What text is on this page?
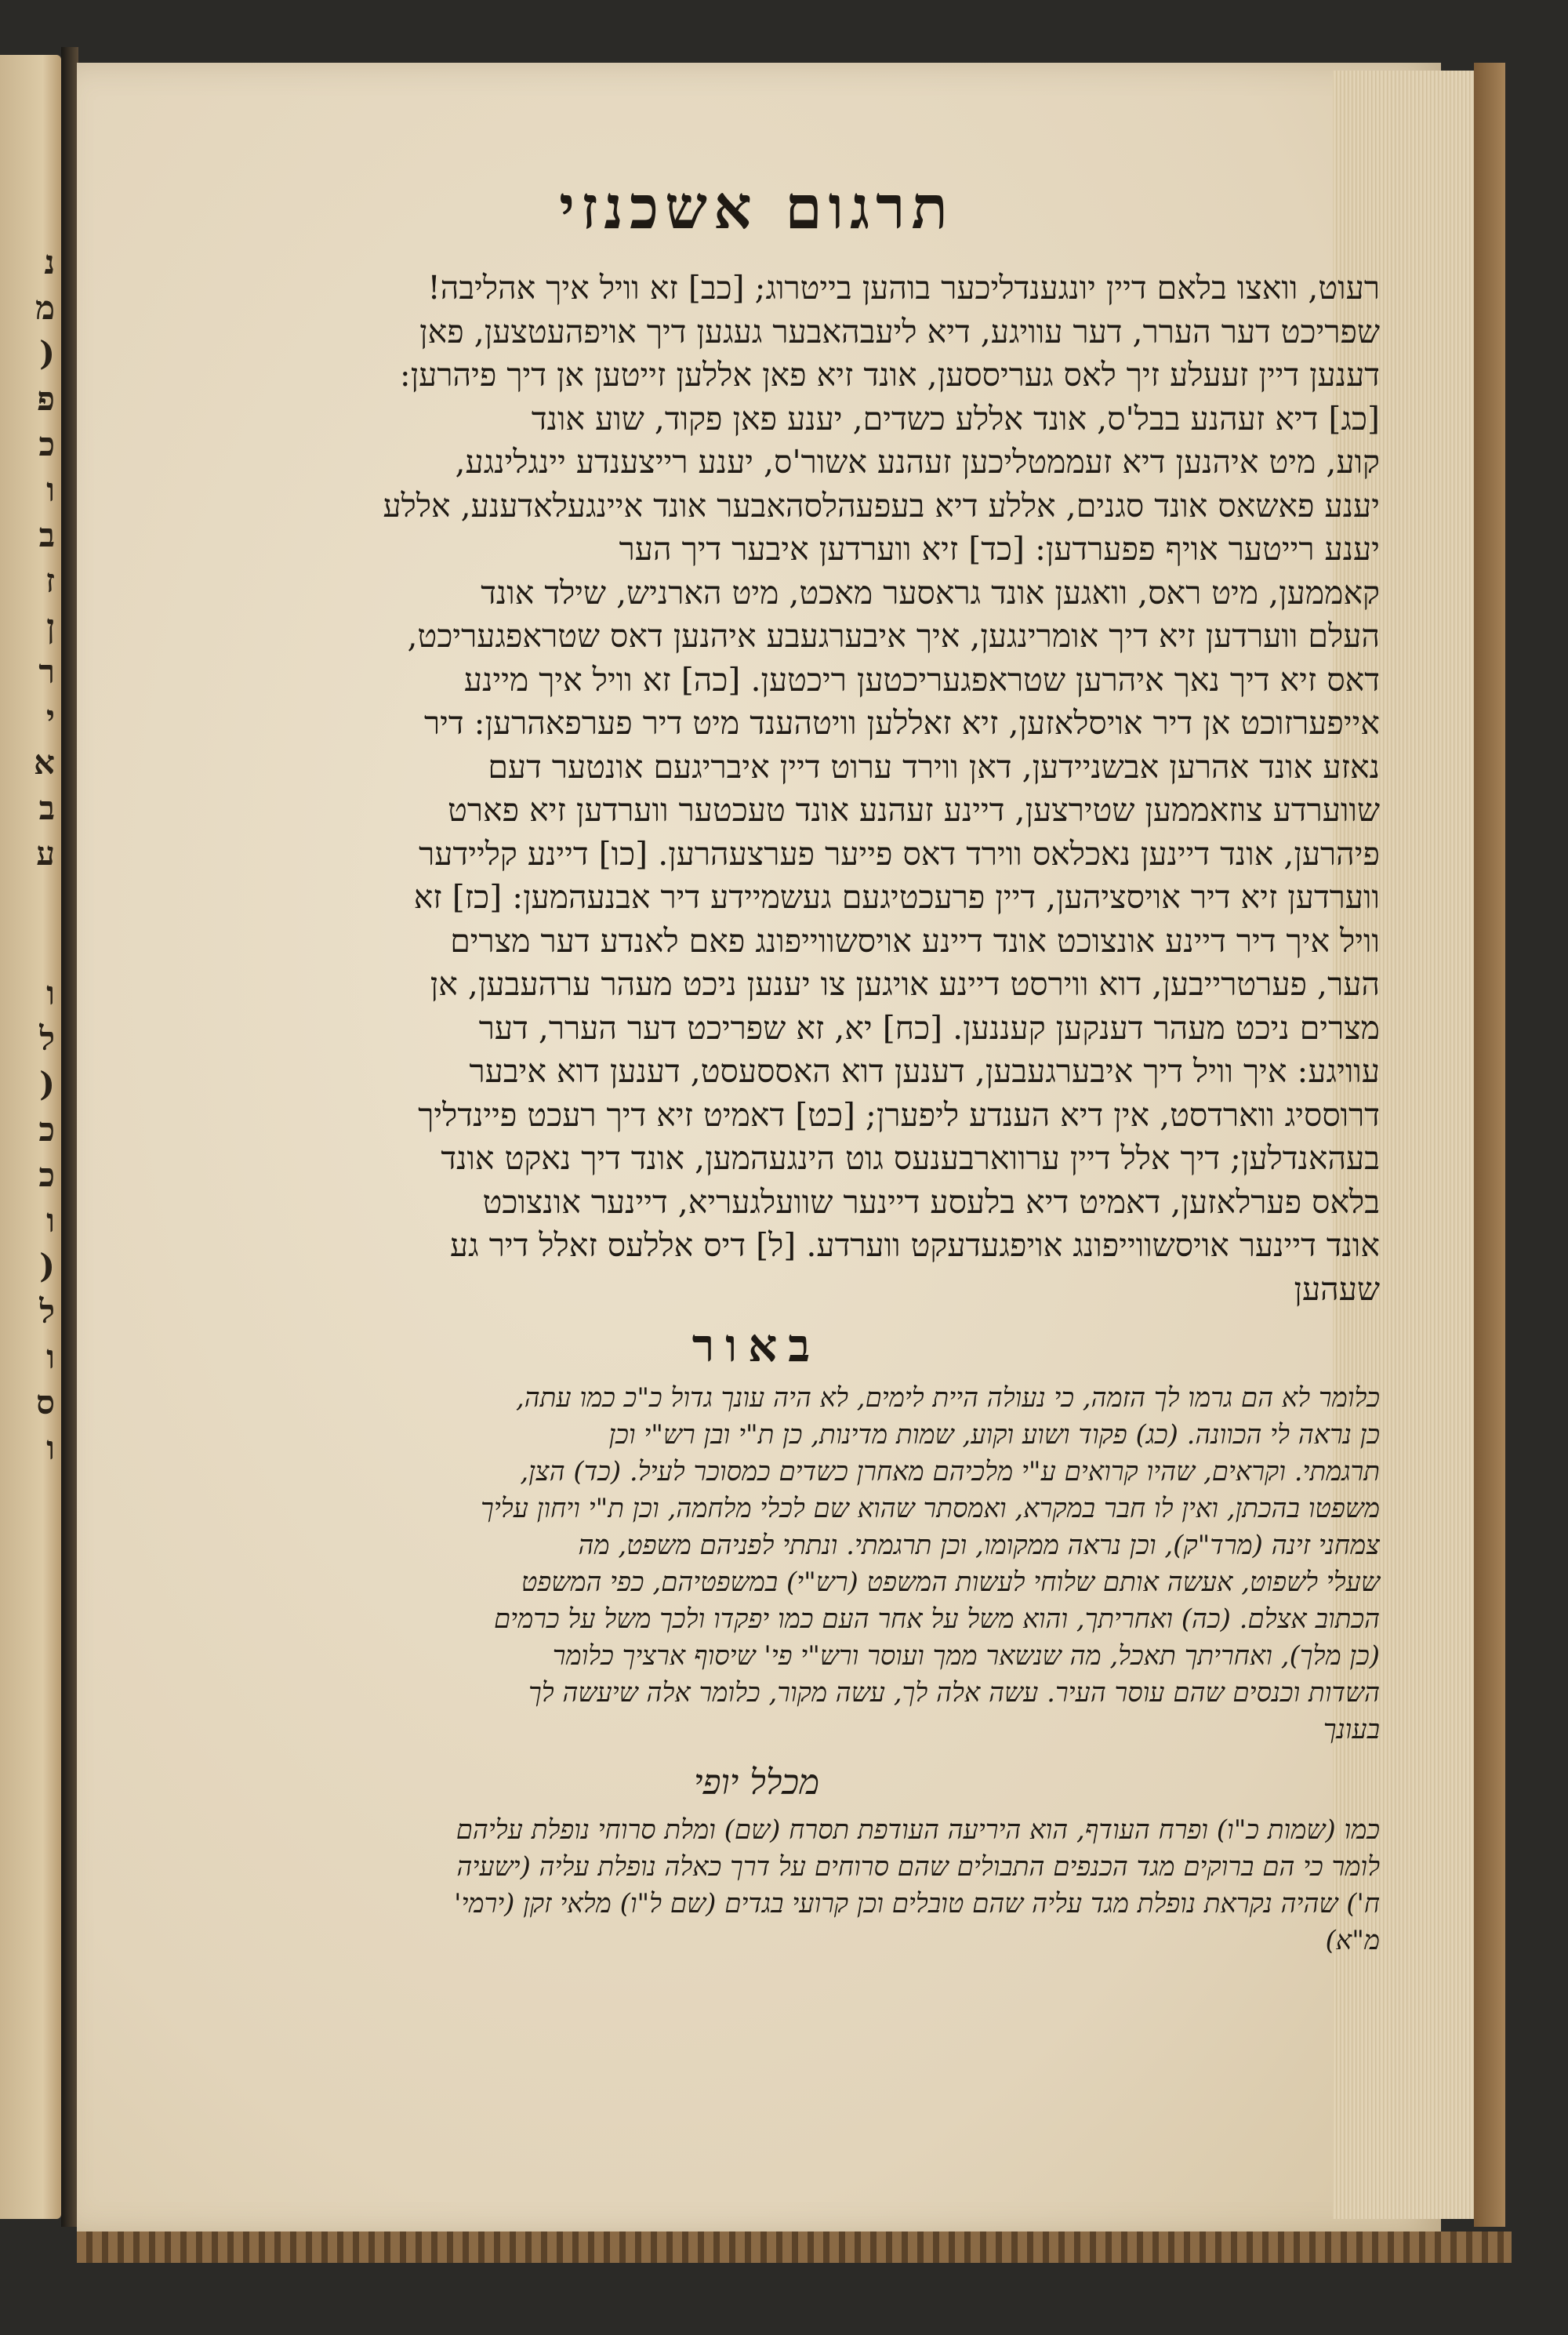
נ
מ
(
פ
כ
ו
ב
ז
ן
ר
י
א
ב
ע
ו
ל
(
כ
כ
ו
(
ל
ו
ס
ו
תרגום אשכנזי

רעוט, וואצו בלאם דיין יונגענדליכער בוהען בייטרוג; [כב] זא וויל איך אהליבה!

שפריכט דער הערר, דער עוויגע, דיא ליעבהאבער געגען דיך אויפהעטצען, פאן

דענען דיין זעעלע זיך לאס געריססען, אונד זיא פאן אללען זייטען אן דיך פיהרען:

[כג] דיא זעהנע בבל'ס, אונד אללע כשדים, יענע פאן פקוד, שוע אונד

קוע, מיט איהנען דיא זעממטליכען זעהנע אשור'ס, יענע רייצענדע יינגלינגע,

יענע פאשאס אונד סגנים, אללע דיא בעפעהלסהאבער אונד איינגעלאדענע, אללע

יענע רייטער אויף פפערדען: [כד] זיא ווערדען איבער דיך הער

קאממען, מיט ראס, וואגען אונד גראסער מאכט, מיט הארניש, שילד אונד

העלם ווערדען זיא דיך אומרינגען, איך איבערגעבע איהנען דאס שטראפגעריכט,

דאס זיא דיך נאך איהרען שטראפגעריכטען ריכטען. [כה] זא וויל איך מיינע

אייפערזוכט אן דיר אויסלאזען, זיא זאללען וויטהענד מיט דיר פערפאהרען: דיר

נאזע אונד אהרען אבשניידען, דאן ווירד ערוט דיין איבריגעם אונטער דעם

שווערדע צוזאממען שטירצען, דיינע זעהנע אונד טעכטער ווערדען זיא פארט

פיהרען, אונד דיינען נאכלאס ווירד דאס פייער פערצעהרען. [כו] דיינע קליידער

ווערדען זיא דיר אויסציהען, דיין פרעכטיגעם געשמיידע דיר אבנעהמען: [כז] זא

וויל איך דיר דיינע אונצוכט אונד דיינע אויסשווייפונג פאם לאנדע דער מצרים

הער, פערטרייבען, דוא ווירסט דיינע אויגען צו יענען ניכט מעהר ערהעבען, אן

מצרים ניכט מעהר דענקען קעננען. [כח] יא, זא שפריכט דער הערר, דער

עוויגע: איך וויל דיך איבערגעבען, דענען דוא האססעסט, דענען דוא איבער

דרוססיג ווארדסט, אין דיא הענדע ליפערן; [כט] דאמיט זיא דיך רעכט פיינדליך

בעהאנדלען; דיך אלל דיין ערווארבענעס גוט הינגעהמען, אונד דיך נאקט אונד

בלאס פערלאזען, דאמיט דיא בלעסע דיינער שוועלגעריא, דיינער אונצוכט

אונד דיינער אויסשווייפונג אויפגעדעקט ווערדע. [ל] דיס אללעס זאלל דיר גע

שעהען

באור

כלומר לא הם גרמו לך הזמה, כי נעולה היית לימים, לא היה עונך גדול כ"כ כמו עתה,

כן נראה לי הכוונה. (כג) פקוד ושוע וקוע, שמות מדינות, כן ת"י ובן רש"י וכן

תרגמתי. וקראים, שהיו קרואים ע"י מלכיהם מאחרן כשדים כמסוכר לעיל. (כד) הצן,

משפטו בהכתן, ואין לו חבר במקרא, ואמסתר שהוא שם לכלי מלחמה, וכן ת"י ויחון עליך

צמחני זינה (מרד"ק), וכן נראה ממקומו, וכן תרגמתי. ונתתי לפניהם משפט, מה

שעלי לשפוט, אעשה אותם שלוחי לעשות המשפט (רש"י) במשפטיהם, כפי המשפט

הכתוב אצלם. (כה) ואחריתך, והוא משל על אחר העם כמו יפקדו ולכך משל על כרמים

(כן מלך), ואחריתך תאכל, מה שנשאר ממך ועוסר ורש"י פי' שיסוף ארציך כלומר

השדות וכנסים שהם עוסר העיר. עשה אלה לך, עשה מקור, כלומר אלה שיעשה לך

בעונך

מכלל יופי

כמו (שמות כ"ו) ופרח העודף, הוא היריעה העודפת תסרח (שם) ומלת סרוחי נופלת עליהם

לומר כי הם ברוקים מגד הכנפים התבולים שהם סרוחים על דרך כאלה נופלת עליה (ישעיה

ח') שהיה נקראת נופלת מגד עליה שהם טובלים וכן קרועי בגדים (שם ל"ו) מלאי זקן (ירמי'

מ"א)
